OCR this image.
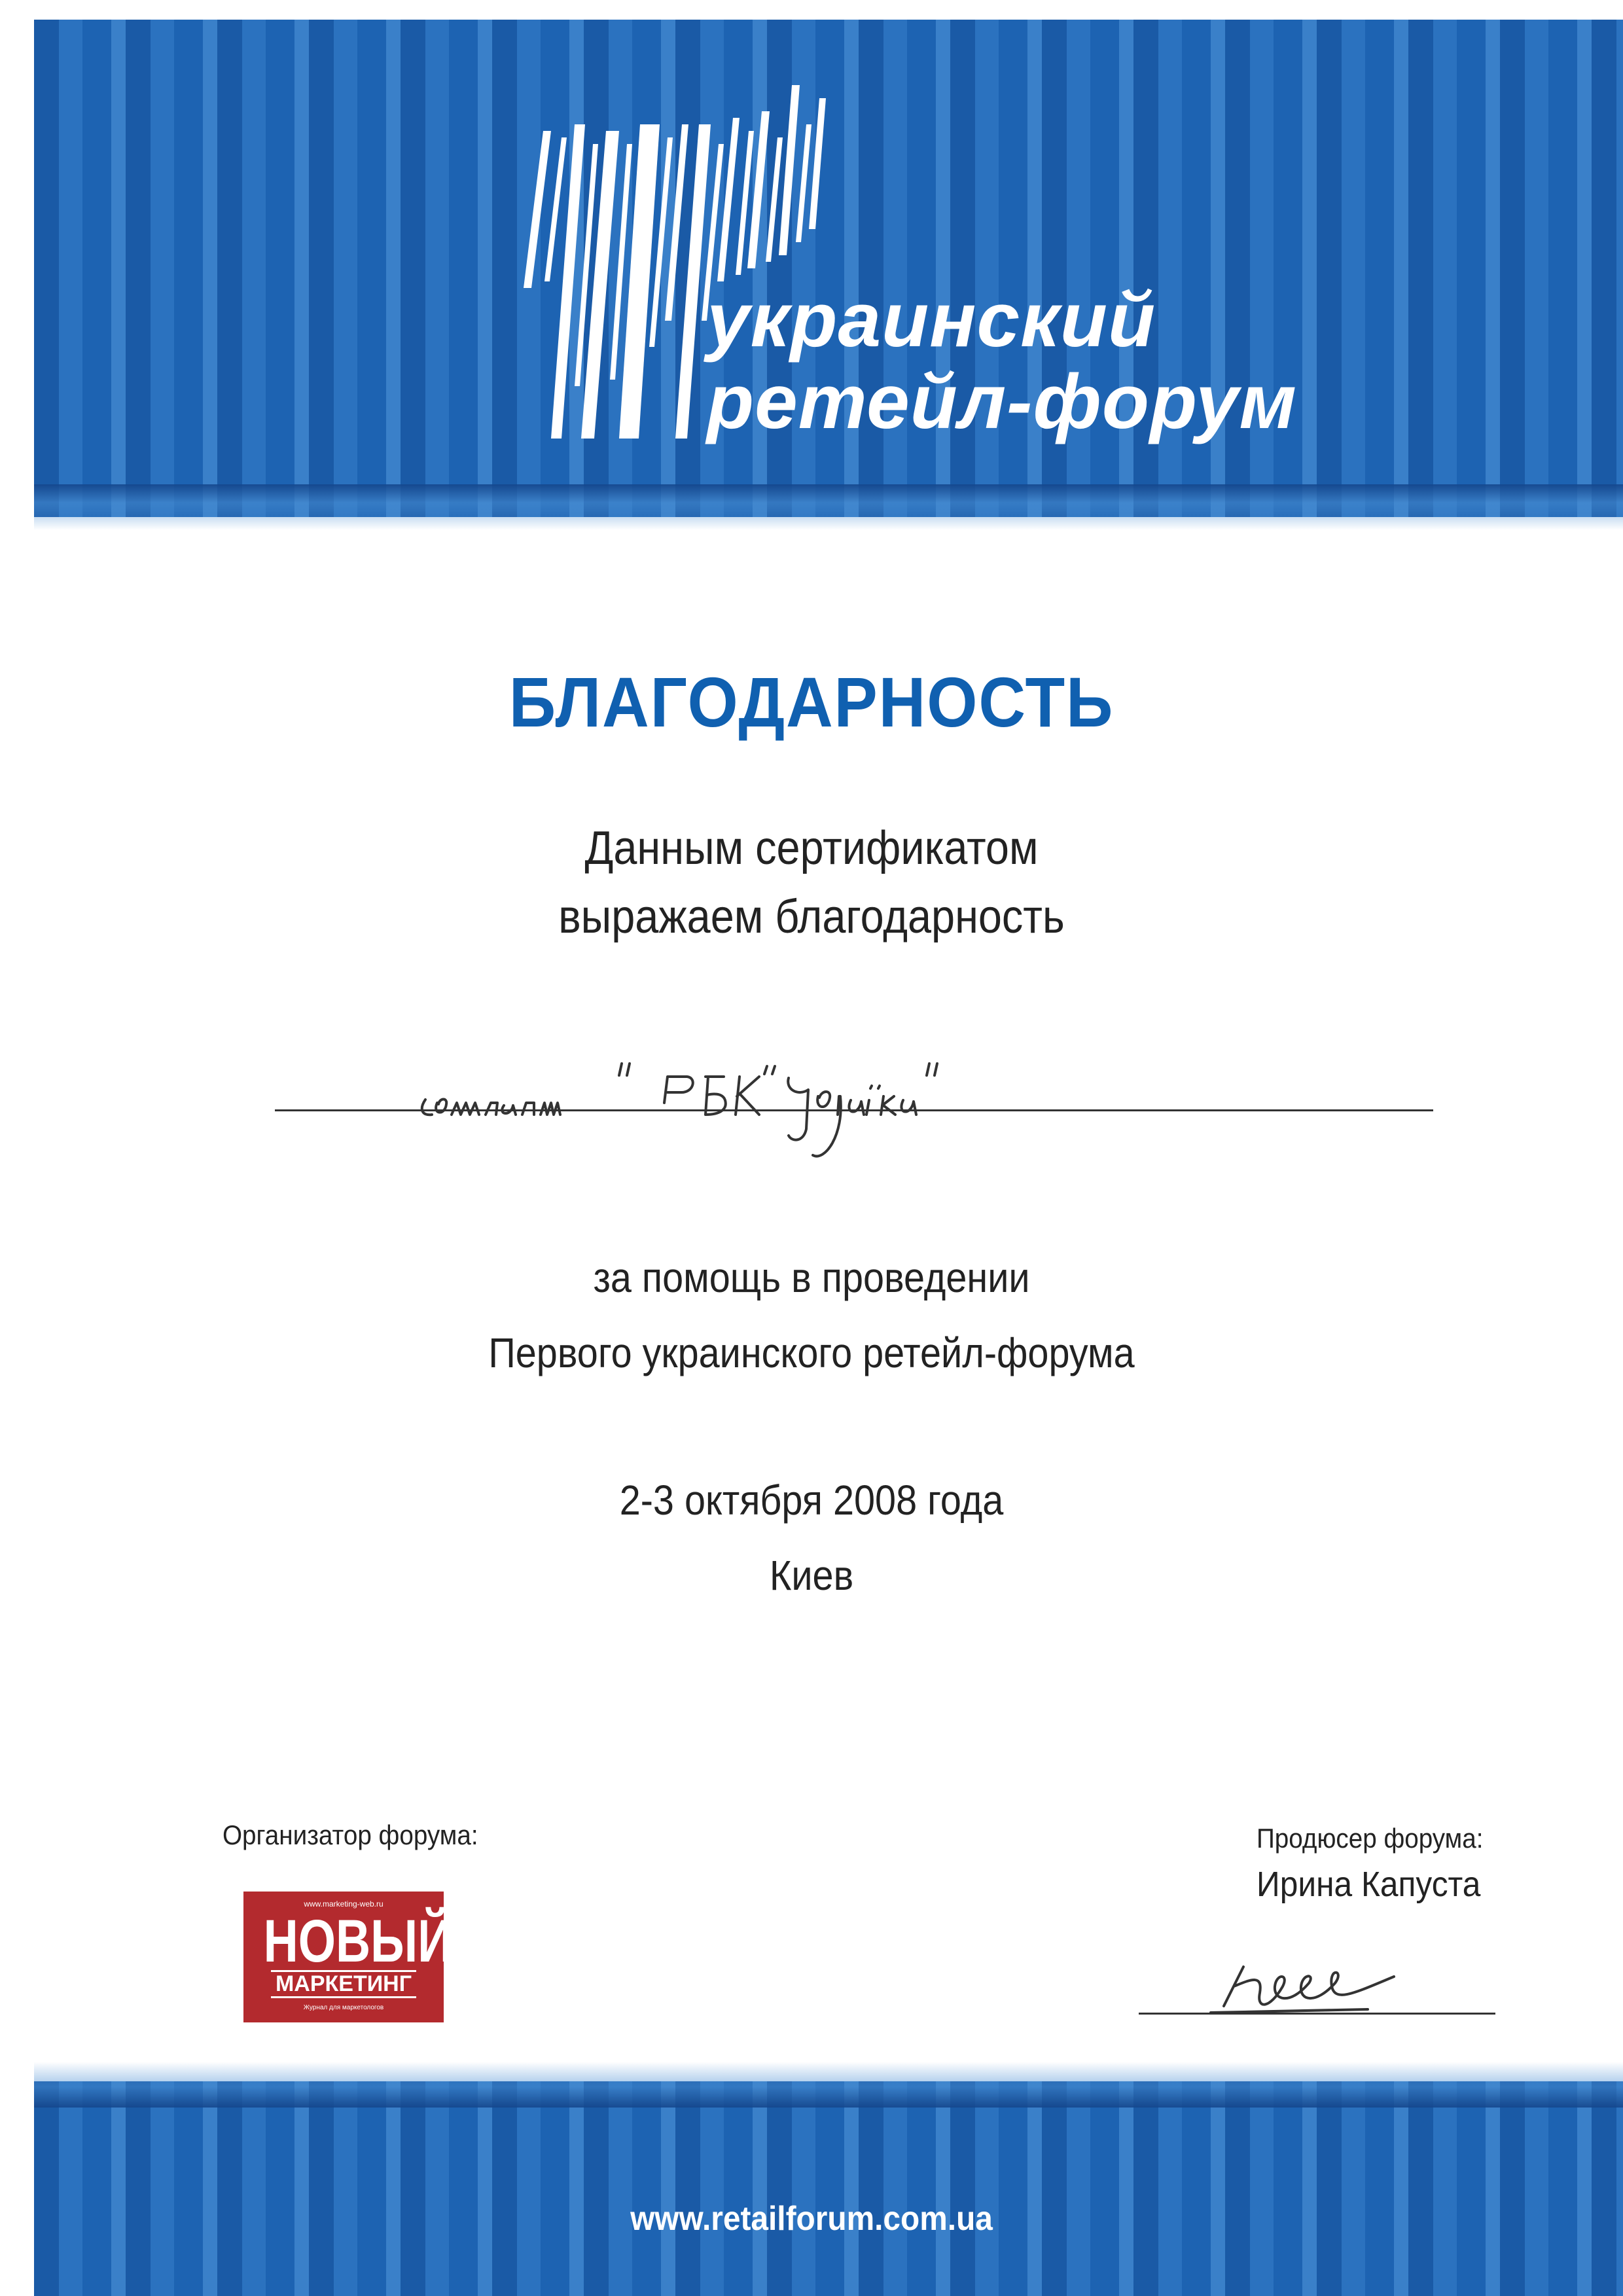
украинский
ретейл-форум
БЛАГОДАРНОСТЬ
Данным сертификатом
выражаем благодарность
за помощь в проведении
Первого украинского ретейл-форума
2-3 октября 2008 года
Киев
Организатор форума:
www.marketing-web.ru
НОВЫЙ
МАРКЕТИНГ
Журнал для маркетологов
Продюсер форума:
Ирина Капуста
www.retailforum.com.ua
